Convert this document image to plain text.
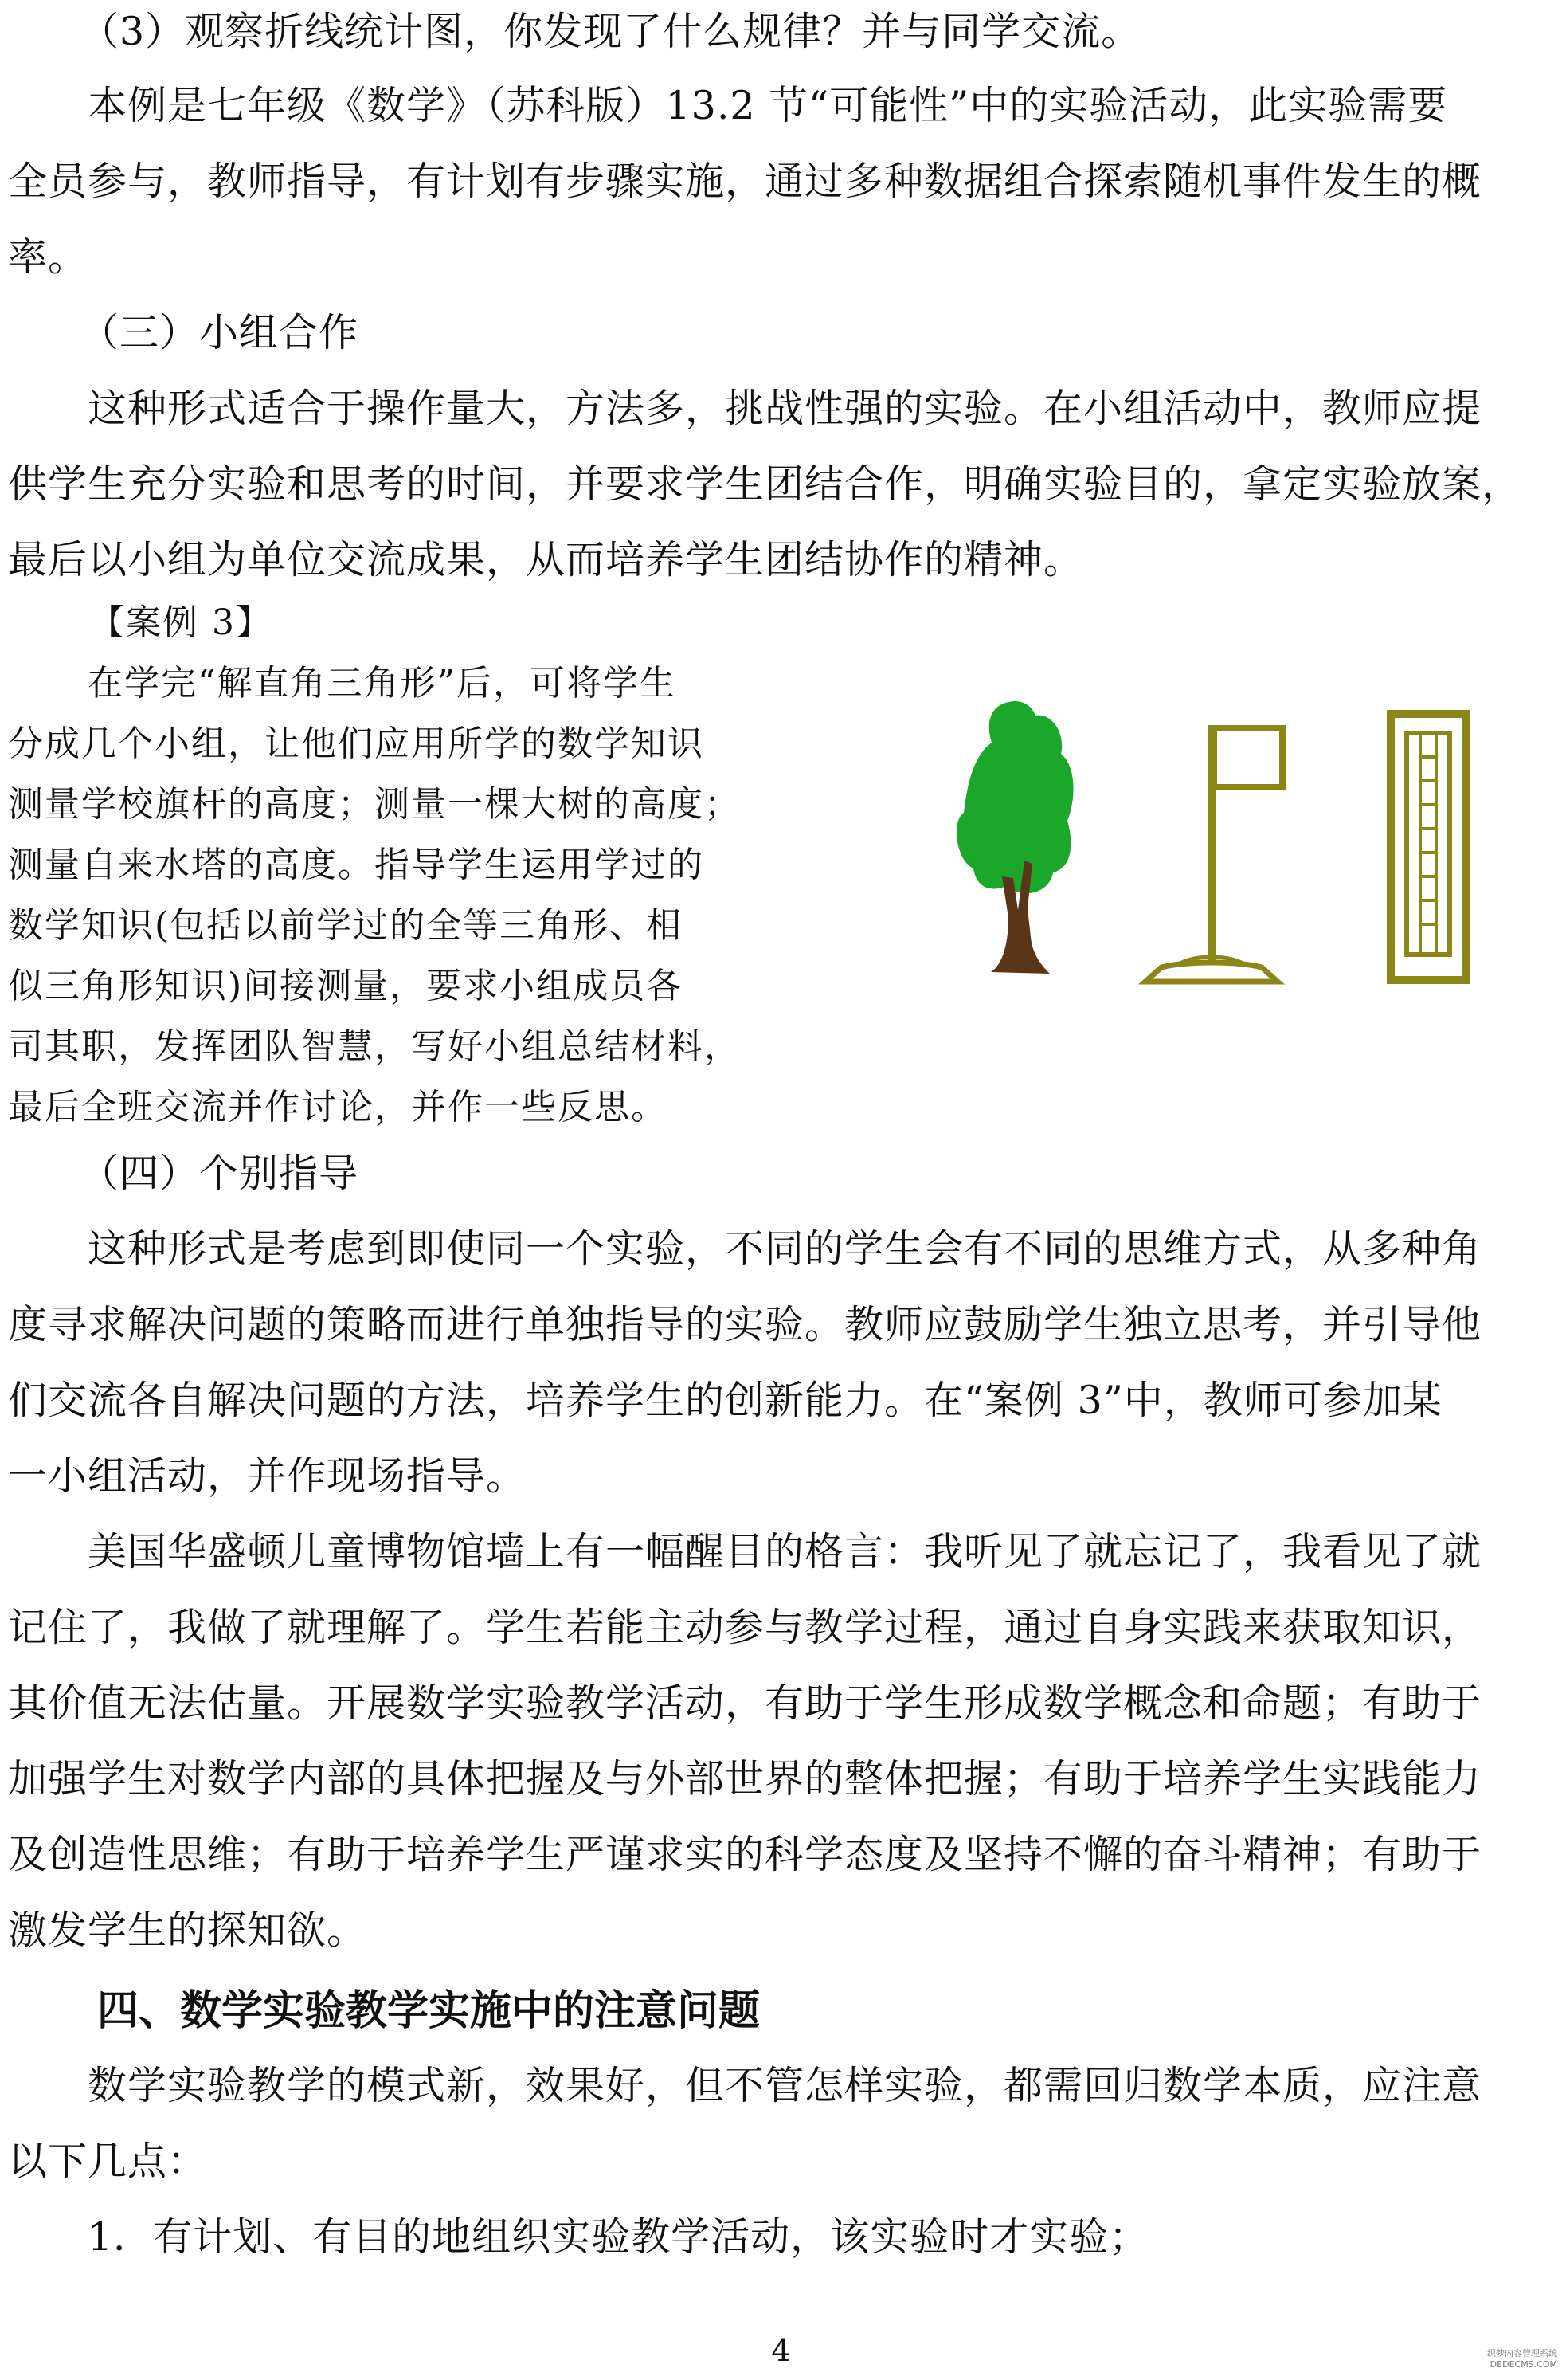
（3）观察折线统计图，你发现了什么规律？并与同学交流。
本例是七年级《数学》（苏科版）13.2 节“可能性”中的实验活动，此实验需要
全员参与，教师指导，有计划有步骤实施，通过多种数据组合探索随机事件发生的概
率。
（三）小组合作
这种形式适合于操作量大，方法多，挑战性强的实验。在小组活动中，教师应提
供学生充分实验和思考的时间，并要求学生团结合作，明确实验目的，拿定实验放案，
最后以小组为单位交流成果，从而培养学生团结协作的精神。
【案例 3】
在学完“解直角三角形”后，可将学生
分成几个小组，让他们应用所学的数学知识
测量学校旗杆的高度；测量一棵大树的高度；
测量自来水塔的高度。指导学生运用学过的
数学知识(包括以前学过的全等三角形、相
似三角形知识)间接测量，要求小组成员各
司其职，发挥团队智慧，写好小组总结材料，
最后全班交流并作讨论，并作一些反思。
（四）个别指导
这种形式是考虑到即使同一个实验，不同的学生会有不同的思维方式，从多种角
度寻求解决问题的策略而进行单独指导的实验。教师应鼓励学生独立思考，并引导他
们交流各自解决问题的方法，培养学生的创新能力。在“案例 3”中，教师可参加某
一小组活动，并作现场指导。
美国华盛顿儿童博物馆墙上有一幅醒目的格言：我听见了就忘记了，我看见了就
记住了，我做了就理解了。学生若能主动参与教学过程，通过自身实践来获取知识，
其价值无法估量。开展数学实验教学活动，有助于学生形成数学概念和命题；有助于
加强学生对数学内部的具体把握及与外部世界的整体把握；有助于培养学生实践能力
及创造性思维；有助于培养学生严谨求实的科学态度及坚持不懈的奋斗精神；有助于
激发学生的探知欲。
四、数学实验教学实施中的注意问题
数学实验教学的模式新，效果好，但不管怎样实验，都需回归数学本质，应注意
以下几点：
1．有计划、有目的地组织实验教学活动，该实验时才实验；
4	织梦内容管理系统
DEDECMS.COM
